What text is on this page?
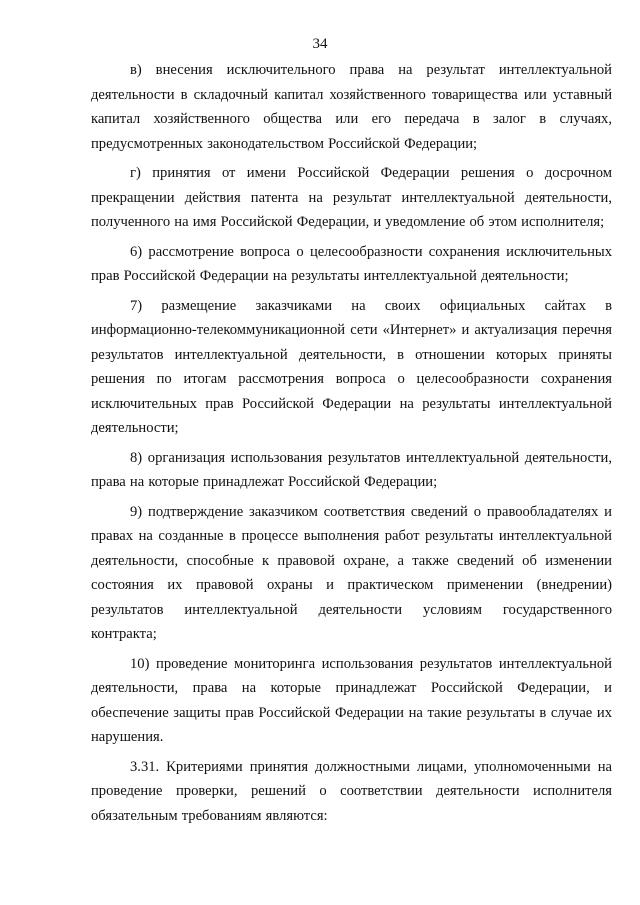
34

в) внесения исключительного права на результат интеллектуальной деятельности в складочный капитал хозяйственного товарищества или уставный капитал хозяйственного общества или его передача в залог в случаях, предусмотренных законодательством Российской Федерации;

г) принятия от имени Российской Федерации решения о досрочном прекращении действия патента на результат интеллектуальной деятельности, полученного на имя Российской Федерации, и уведомление об этом исполнителя;

6) рассмотрение вопроса о целесообразности сохранения исключительных прав Российской Федерации на результаты интеллектуальной деятельности;

7) размещение заказчиками на своих официальных сайтах в информационно-телекоммуникационной сети «Интернет» и актуализация перечня результатов интеллектуальной деятельности, в отношении которых приняты решения по итогам рассмотрения вопроса о целесообразности сохранения исключительных прав Российской Федерации на результаты интеллектуальной деятельности;

8) организация использования результатов интеллектуальной деятельности, права на которые принадлежат Российской Федерации;

9) подтверждение заказчиком соответствия сведений о правообладателях и правах на созданные в процессе выполнения работ результаты интеллектуальной деятельности, способные к правовой охране, а также сведений об изменении состояния их правовой охраны и практическом применении (внедрении) результатов интеллектуальной деятельности условиям государственного контракта;

10) проведение мониторинга использования результатов интеллектуальной деятельности, права на которые принадлежат Российской Федерации, и обеспечение защиты прав Российской Федерации на такие результаты в случае их нарушения.

3.31. Критериями принятия должностными лицами, уполномоченными на проведение проверки, решений о соответствии деятельности исполнителя обязательным требованиям являются:
